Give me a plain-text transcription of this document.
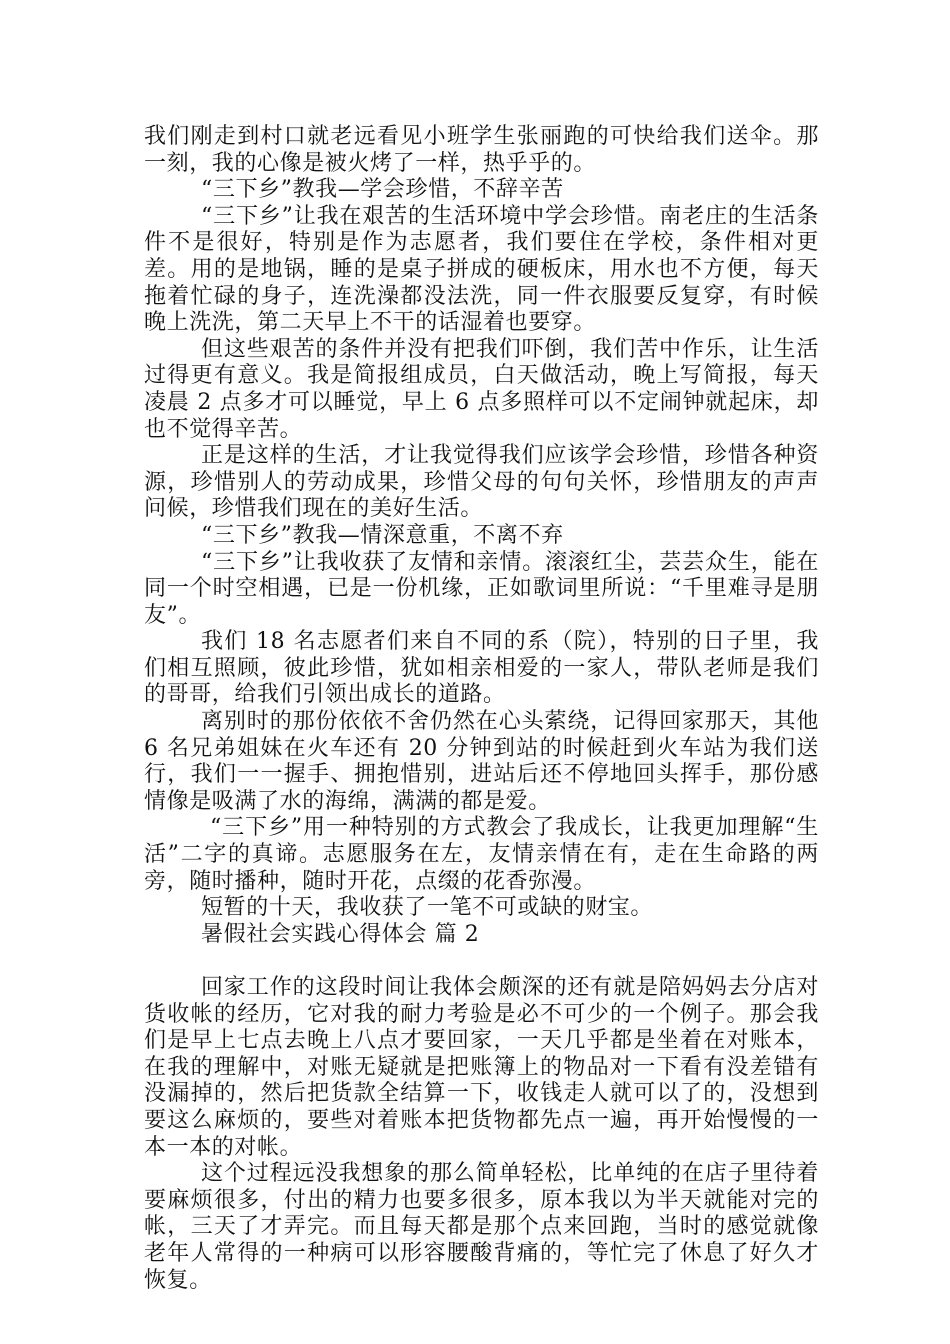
我们刚走到村口就老远看见小班学生张丽跑的可快给我们送伞。那一刻，我的心像是被火烤了一样，热乎乎的。

“三下乡”教我—学会珍惜，不辞辛苦

“三下乡”让我在艰苦的生活环境中学会珍惜。南老庄的生活条件不是很好，特别是作为志愿者，我们要住在学校，条件相对更差。用的是地锅，睡的是桌子拼成的硬板床，用水也不方便，每天拖着忙碌的身子，连洗澡都没法洗，同一件衣服要反复穿，有时候晚上洗洗，第二天早上不干的话湿着也要穿。

但这些艰苦的条件并没有把我们吓倒，我们苦中作乐，让生活过得更有意义。我是简报组成员，白天做活动，晚上写简报，每天凌晨 2 点多才可以睡觉，早上 6 点多照样可以不定闹钟就起床，却也不觉得辛苦。

正是这样的生活，才让我觉得我们应该学会珍惜，珍惜各种资源，珍惜别人的劳动成果，珍惜父母的句句关怀，珍惜朋友的声声问候，珍惜我们现在的美好生活。

“三下乡”教我—情深意重，不离不弃

“三下乡”让我收获了友情和亲情。滚滚红尘，芸芸众生，能在同一个时空相遇，已是一份机缘，正如歌词里所说：“千里难寻是朋友”。

我们 18 名志愿者们来自不同的系（院），特别的日子里，我们相互照顾，彼此珍惜，犹如相亲相爱的一家人，带队老师是我们的哥哥，给我们引领出成长的道路。

离别时的那份依依不舍仍然在心头萦绕，记得回家那天，其他 6 名兄弟姐妹在火车还有 20 分钟到站的时候赶到火车站为我们送行，我们一一握手、拥抱惜别，进站后还不停地回头挥手，那份感情像是吸满了水的海绵，满满的都是爱。

“三下乡”用一种特别的方式教会了我成长，让我更加理解“生活”二字的真谛。志愿服务在左，友情亲情在有，走在生命路的两旁，随时播种，随时开花，点缀的花香弥漫。

短暂的十天，我收获了一笔不可或缺的财宝。

暑假社会实践心得体会 篇 2

回家工作的这段时间让我体会颇深的还有就是陪妈妈去分店对货收帐的经历，它对我的耐力考验是必不可少的一个例子。那会我们是早上七点去晚上八点才要回家，一天几乎都是坐着在对账本，在我的理解中，对账无疑就是把账簿上的物品对一下看有没差错有没漏掉的，然后把货款全结算一下，收钱走人就可以了的，没想到要这么麻烦的，要些对着账本把货物都先点一遍，再开始慢慢的一本一本的对帐。

这个过程远没我想象的那么简单轻松，比单纯的在店子里待着要麻烦很多，付出的精力也要多很多，原本我以为半天就能对完的帐，三天了才弄完。而且每天都是那个点来回跑，当时的感觉就像老年人常得的一种病可以形容腰酸背痛的，等忙完了休息了好久才恢复。
